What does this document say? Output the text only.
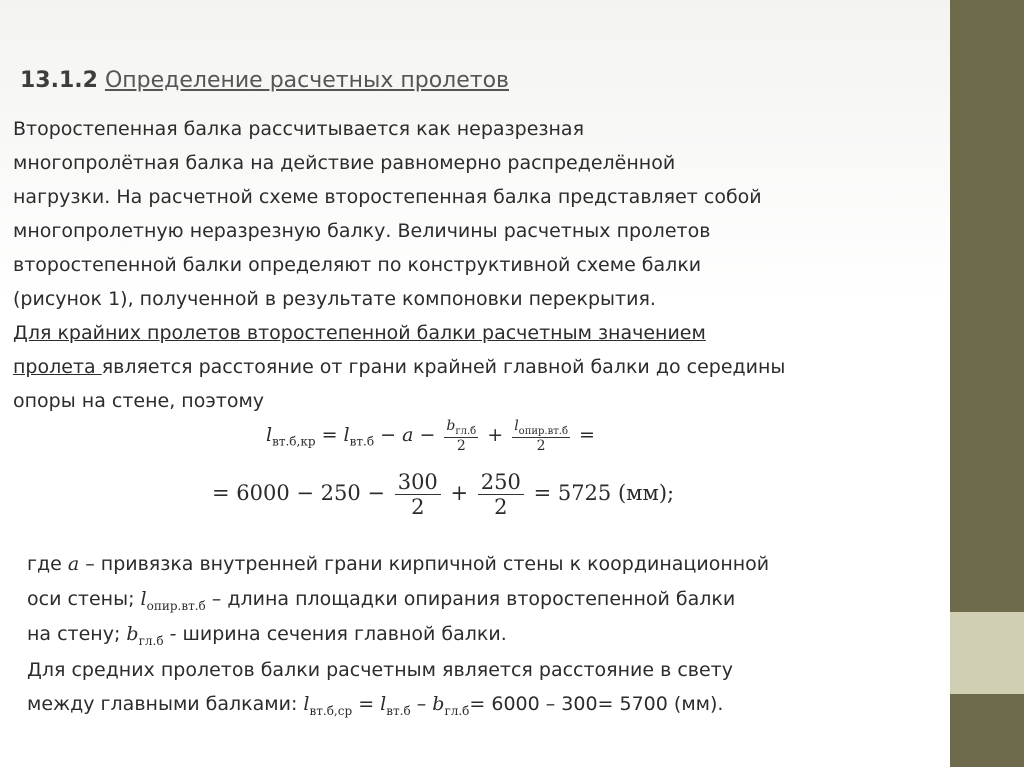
13.1.2 Определение расчетных пролетов
Второстепенная балка рассчитывается как неразрезная
многопролётная балка на действие равномерно распределённой
нагрузки. На расчетной схеме второстепенная балка представляет собой
многопролетную неразрезную балку. Величины расчетных пролетов
второстепенной балки определяют по конструктивной схеме балки
(рисунок 1), полученной в результате компоновки перекрытия.
Для крайних пролетов второстепенной балки расчетным значением
пролета является расстояние от грани крайней главной балки до середины
опоры на стене, поэтому
$l_{вт.б,кр} = l_{вт.б} - a - \frac{b_{гл.б}}{2} + \frac{l_{опир.вт.б}}{2}$ =
= $6000 - 250 - \frac{300}{2} + \frac{250}{2} = 5725$ (мм);
где a – привязка внутренней грани кирпичной стены к координационной
оси стены; $l_{опир.вт.б}$ – длина площадки опирания второстепенной балки
на стену; $b_{гл.б}$ - ширина сечения главной балки.
Для средних пролетов балки расчетным является расстояние в свету
между главными балками: $l_{вт.б,ср} = l_{вт.б} - b_{гл.б}= 6000 - 300= 5700$ (мм).
